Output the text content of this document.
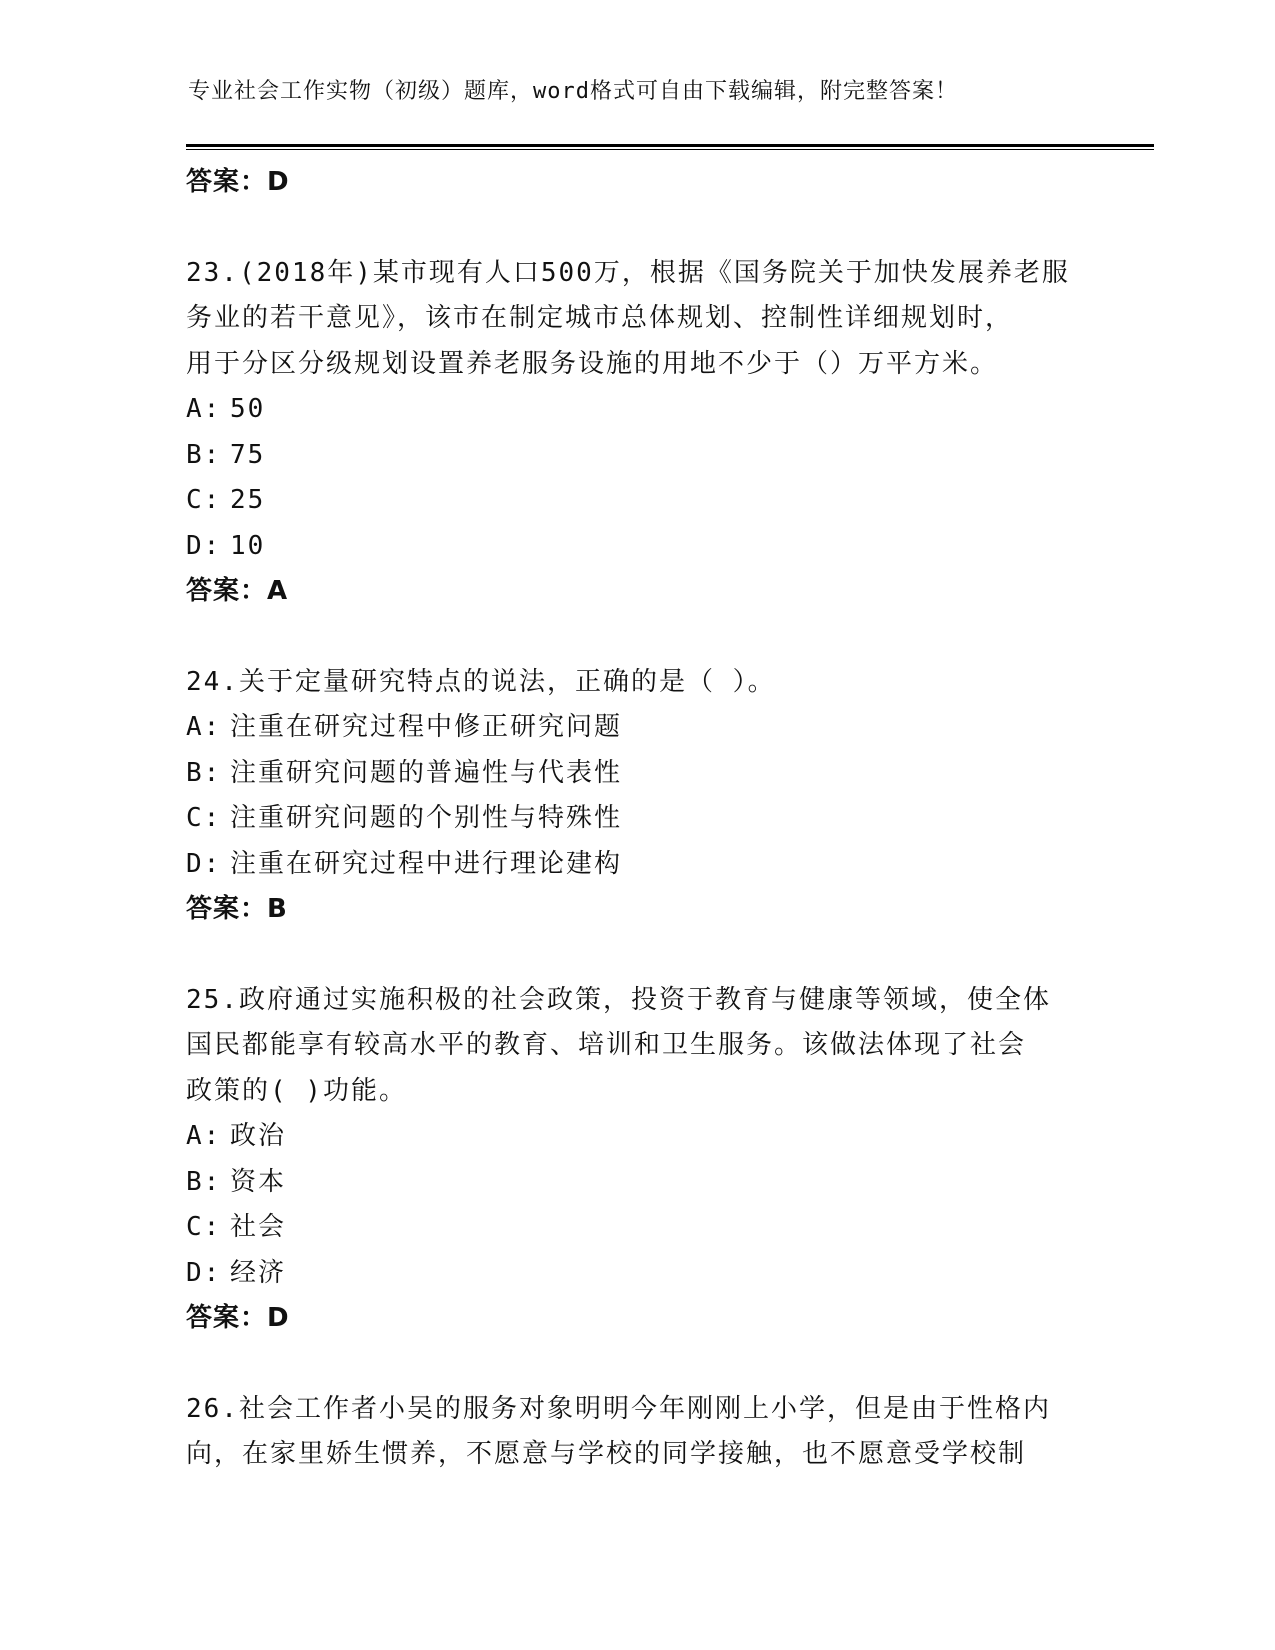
专业社会工作实物（初级）题库，word格式可自由下载编辑，附完整答案！
答案：D
23.(2018年)某市现有人口500万，根据《国务院关于加快发展养老服
务业的若干意见》，该市在制定城市总体规划、控制性详细规划时，
用于分区分级规划设置养老服务设施的用地不少于（）万平方米。
A: 50
B: 75
C: 25
D: 10
答案：A
24.关于定量研究特点的说法，正确的是（ ）。
A: 注重在研究过程中修正研究问题
B: 注重研究问题的普遍性与代表性
C: 注重研究问题的个别性与特殊性
D: 注重在研究过程中进行理论建构
答案：B
25.政府通过实施积极的社会政策，投资于教育与健康等领域，使全体
国民都能享有较高水平的教育、培训和卫生服务。该做法体现了社会
政策的( )功能。
A: 政治
B: 资本
C: 社会
D: 经济
答案：D
26.社会工作者小吴的服务对象明明今年刚刚上小学，但是由于性格内
向，在家里娇生惯养，不愿意与学校的同学接触，也不愿意受学校制
